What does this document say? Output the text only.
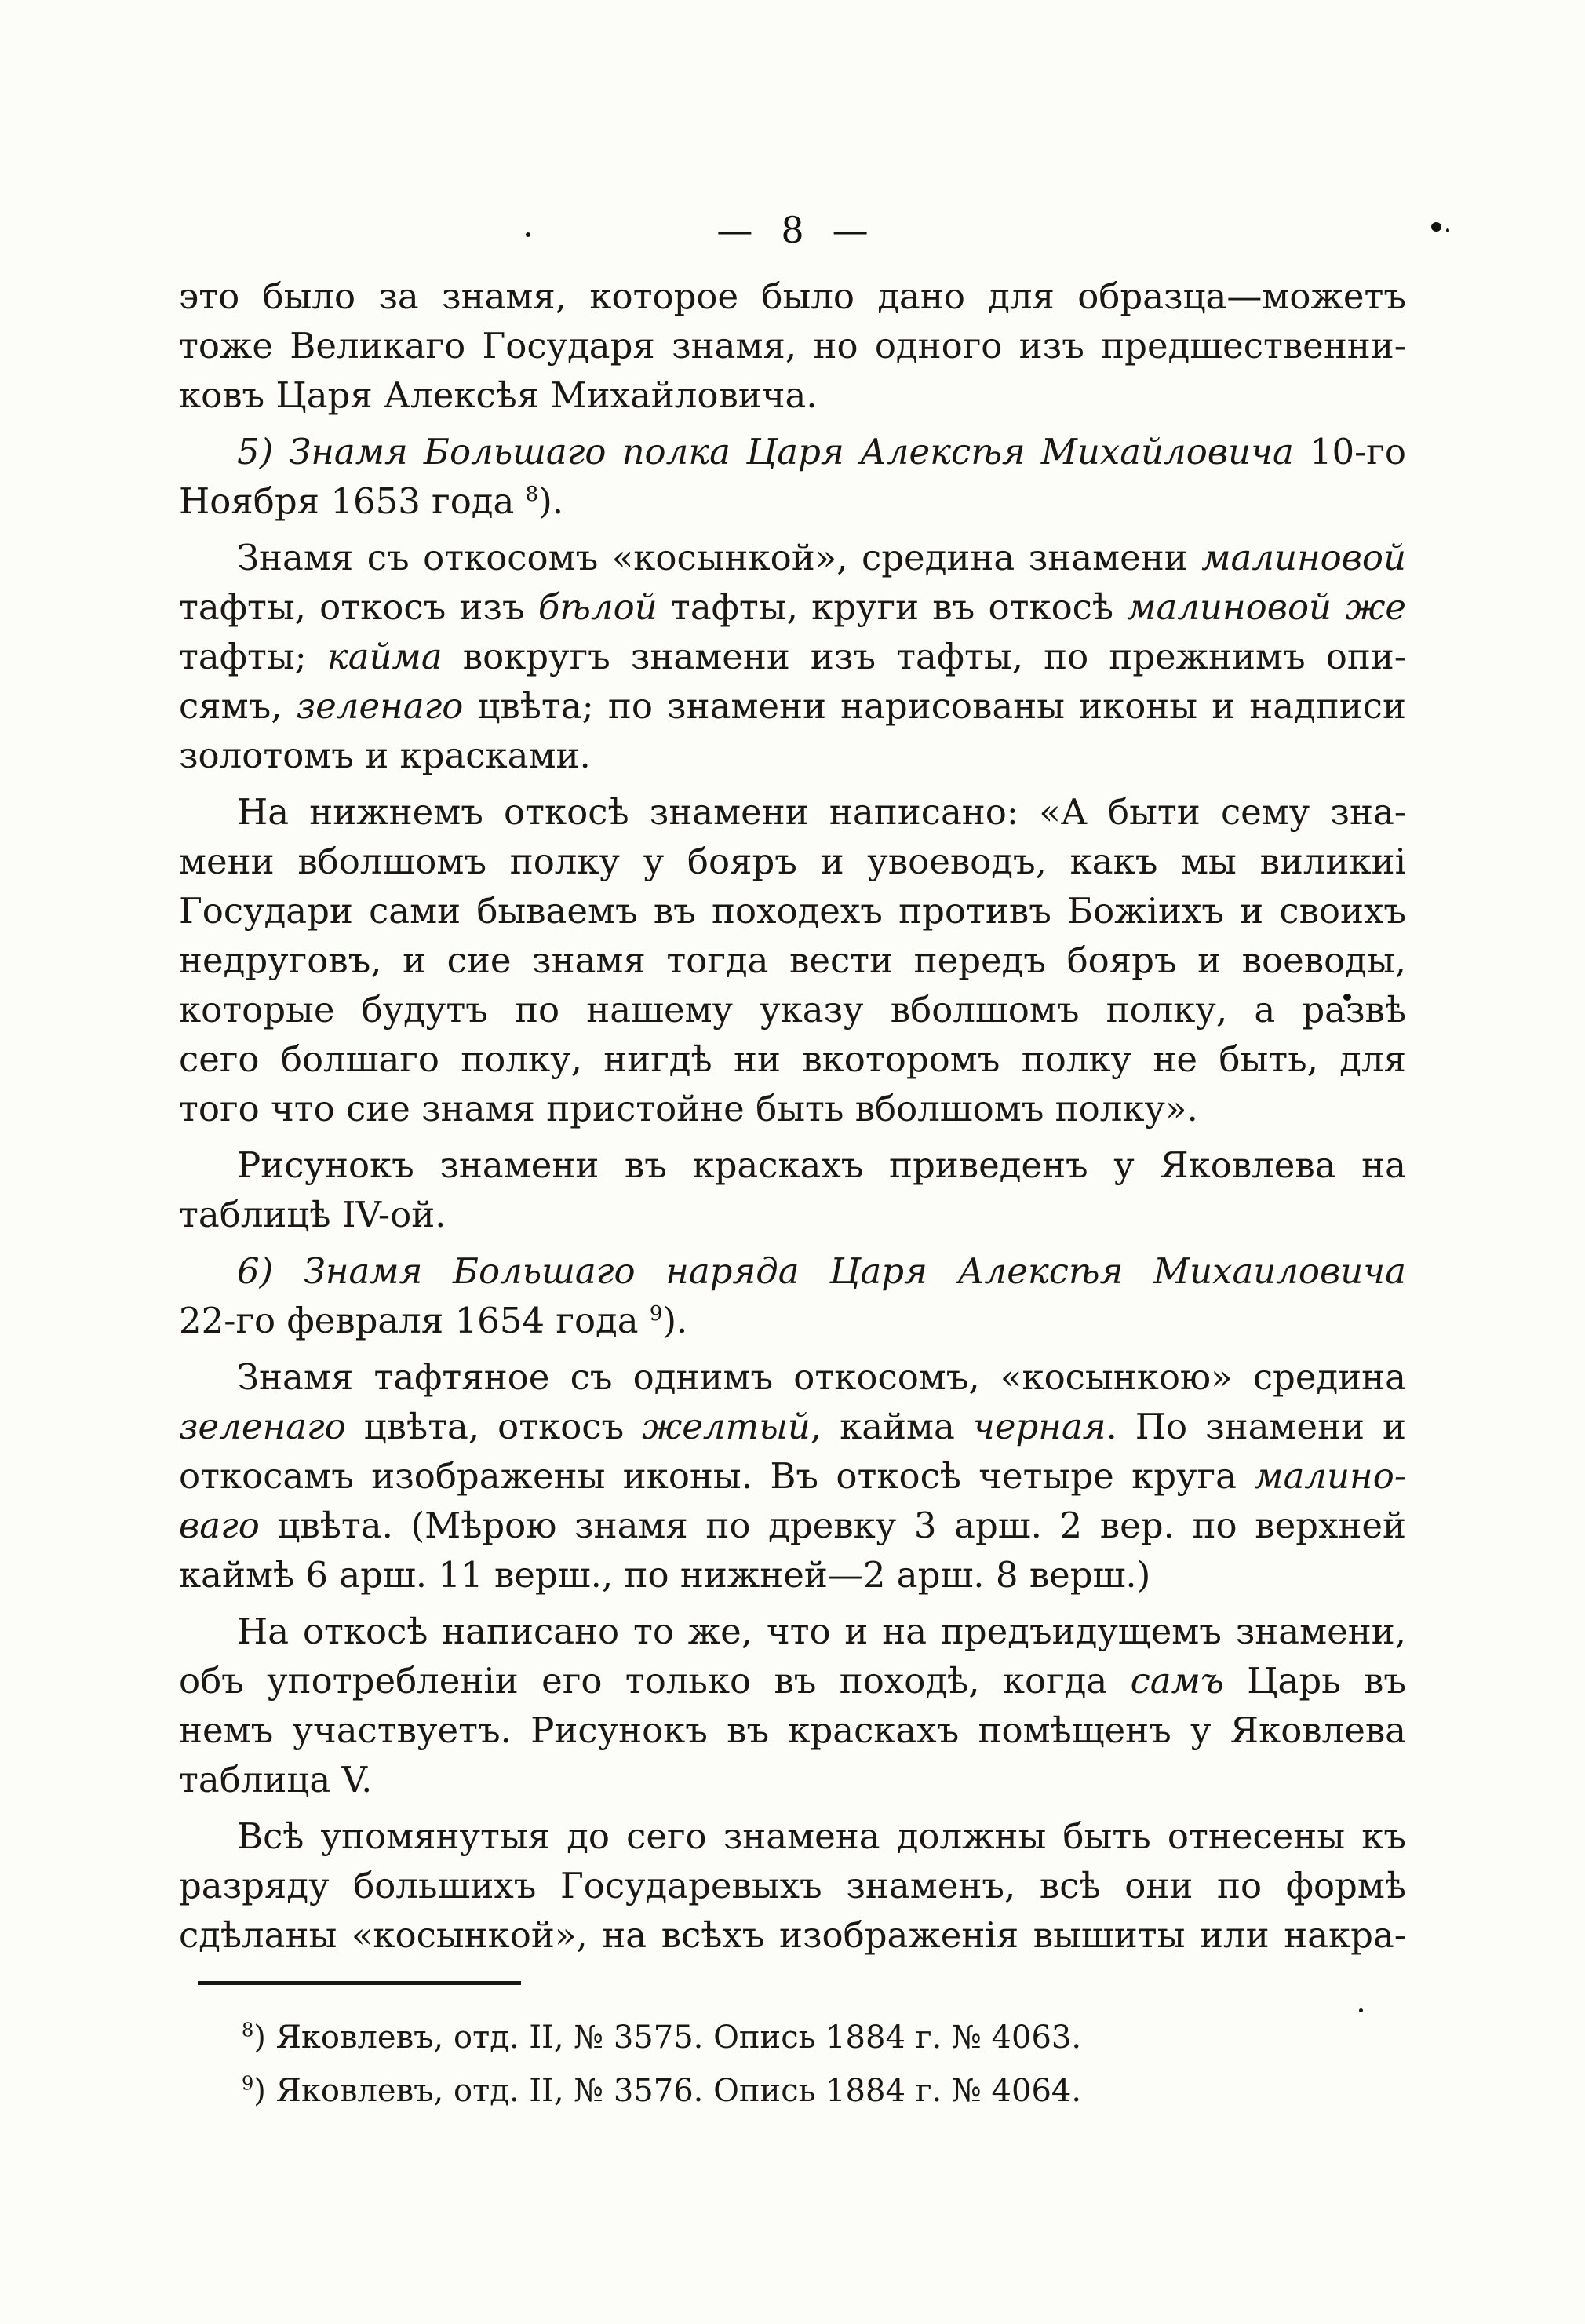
— 8 —
это было за знамя, которое было дано для образца—можетъ
тоже Великаго Государя знамя, но одного изъ предшественни-
ковъ Царя Алексѣя Михайловича.
5) Знамя Большаго полка Царя Алексѣя Михайловича 10-го
Ноября 1653 года $^8$).
Знамя съ откосомъ «косынкой», средина знамени малиновой
тафты, откосъ изъ бѣлой тафты, круги въ откосѣ малиновой же
тафты; кайма вокругъ знамени изъ тафты, по прежнимъ опи-
сямъ, зеленаго цвѣта; по знамени нарисованы иконы и надписи
золотомъ и красками.
На нижнемъ откосѣ знамени написано: «А быти сему зна-
мени вболшомъ полку у бояръ и увоеводъ, какъ мы виликиі
Государи сами бываемъ въ походехъ противъ Божіихъ и своихъ
недруговъ, и сие знамя тогда вести передъ бояръ и воеводы,
которые будутъ по нашему указу вболшомъ полку, а развѣ
сего болшаго полку, нигдѣ ни вкоторомъ полку не быть, для
того что сие знамя пристойне быть вболшомъ полку».
Рисунокъ знамени въ краскахъ приведенъ у Яковлева на
таблицѣ IV-ой.
6) Знамя Большаго наряда Царя Алексѣя Михаиловича
22-го февраля 1654 года $^9$).
Знамя тафтяное съ однимъ откосомъ, «косынкою» средина
зеленаго цвѣта, откосъ желтый, кайма черная. По знамени и
откосамъ изображены иконы. Въ откосѣ четыре круга малино-
ваго цвѣта. (Мѣрою знамя по древку 3 арш. 2 вер. по верхней
каймѣ 6 арш. 11 верш., по нижней—2 арш. 8 верш.)
На откосѣ написано то же, что и на предъидущемъ знамени,
объ употребленіи его только въ походѣ, когда самъ Царь въ
немъ участвуетъ. Рисунокъ въ краскахъ помѣщенъ у Яковлева
таблица V.
Всѣ упомянутыя до сего знамена должны быть отнесены къ
разряду большихъ Государевыхъ знаменъ, всѣ они по формѣ
сдѣланы «косынкой», на всѣхъ изображенія вышиты или накра-
$^8$) Яковлевъ, отд. II, № 3575. Опись 1884 г. № 4063.
$^9$) Яковлевъ, отд. II, № 3576. Опись 1884 г. № 4064.
